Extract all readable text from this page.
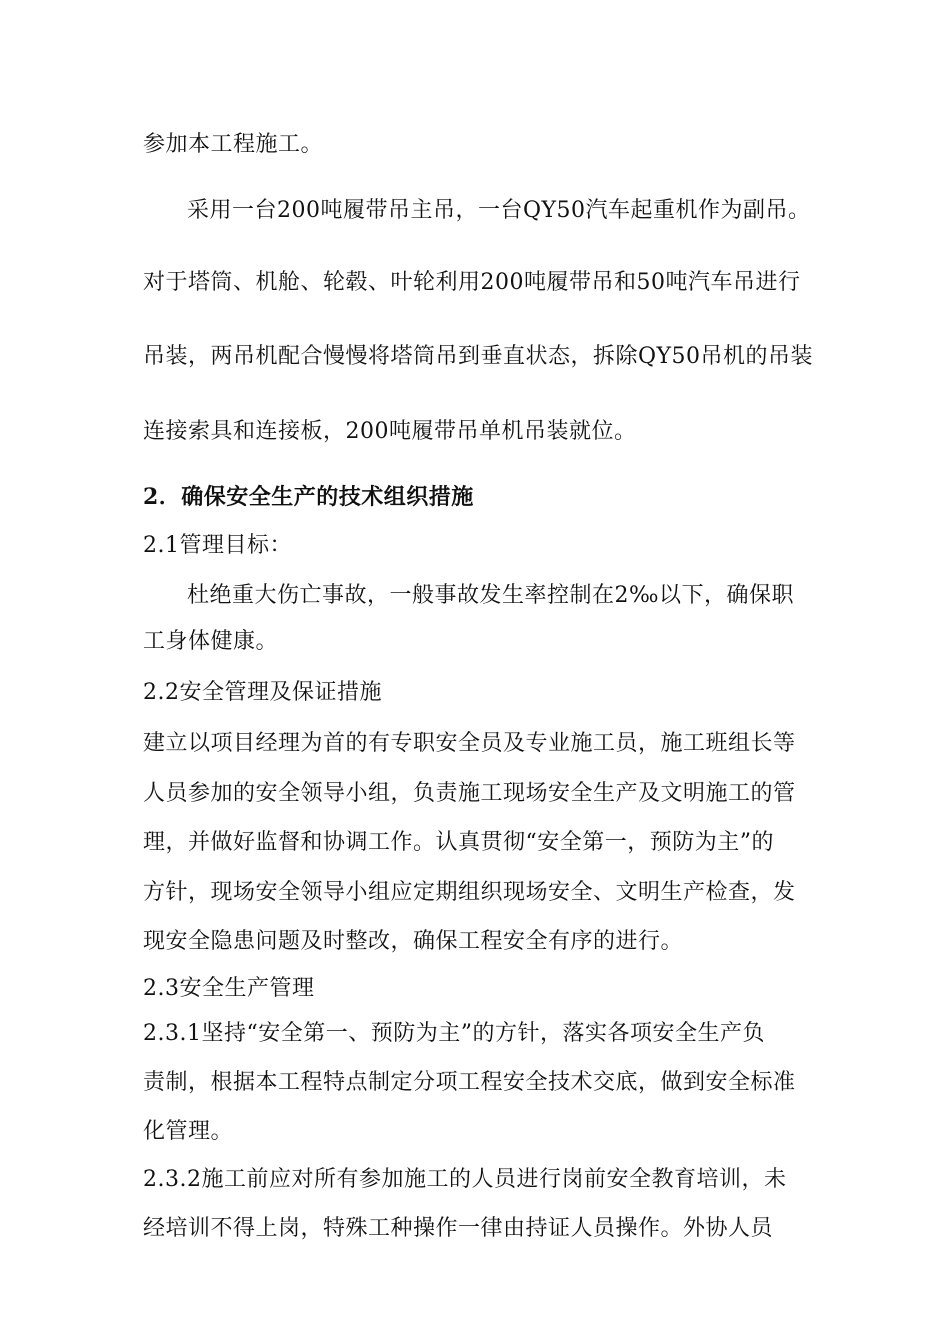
参加本工程施工。
采用一台200吨履带吊主吊，一台QY50汽车起重机作为副吊。
对于塔筒、机舱、轮毂、叶轮利用200吨履带吊和50吨汽车吊进行
吊装，两吊机配合慢慢将塔筒吊到垂直状态，拆除QY50吊机的吊装
连接索具和连接板，200吨履带吊单机吊装就位。
2．确保安全生产的技术组织措施
2.1管理目标：
杜绝重大伤亡事故，一般事故发生率控制在2‰以下，确保职
工身体健康。
2.2安全管理及保证措施
建立以项目经理为首的有专职安全员及专业施工员，施工班组长等
人员参加的安全领导小组，负责施工现场安全生产及文明施工的管
理，并做好监督和协调工作。认真贯彻“安全第一，预防为主”的
方针，现场安全领导小组应定期组织现场安全、文明生产检查，发
现安全隐患问题及时整改，确保工程安全有序的进行。
2.3安全生产管理
2.3.1坚持“安全第一、预防为主”的方针，落实各项安全生产负
责制，根据本工程特点制定分项工程安全技术交底，做到安全标准
化管理。
2.3.2施工前应对所有参加施工的人员进行岗前安全教育培训，未
经培训不得上岗，特殊工种操作一律由持证人员操作。外协人员
